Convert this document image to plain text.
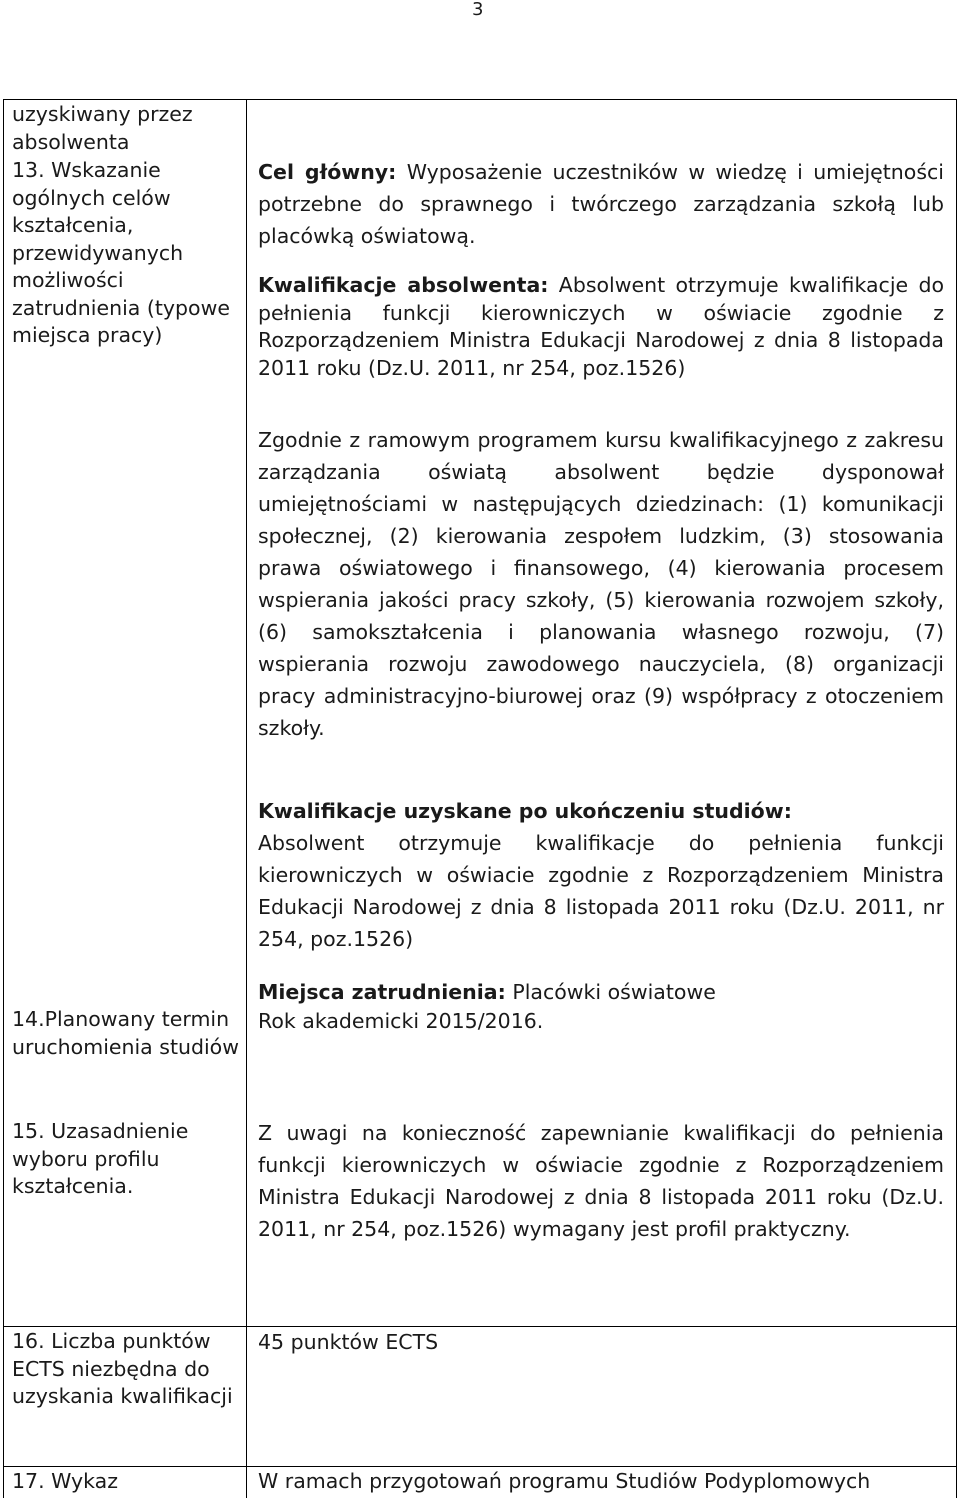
3
uzyskiwany przez absolwenta
13. Wskazanie ogólnych celów kształcenia, przewidywanych możliwości zatrudnienia (typowe miejsca pracy)
14.Planowany termin uruchomienia studiów
15. Uzasadnienie wyboru profilu kształcenia.
16. Liczba punktów ECTS niezbędna do uzyskania kwalifikacji
17. Wykaz

Cel główny: Wyposażenie uczestników w wiedzę i umiejętności potrzebne do sprawnego i twórczego zarządzania szkołą lub placówką oświatową.

Kwalifikacje absolwenta: Absolwent otrzymuje kwalifikacje do pełnienia funkcji kierowniczych w oświacie zgodnie z Rozporządzeniem Ministra Edukacji Narodowej z dnia 8 listopada 2011 roku (Dz.U. 2011, nr 254, poz.1526)

Zgodnie z ramowym programem kursu kwalifikacyjnego z zakresu zarządzania oświatą absolwent będzie dysponował umiejętnościami w następujących dziedzinach: (1) komunikacji społecznej, (2) kierowania zespołem ludzkim, (3) stosowania prawa oświatowego i finansowego, (4) kierowania procesem wspierania jakości pracy szkoły, (5) kierowania rozwojem szkoły, (6) samokształcenia i planowania własnego rozwoju, (7) wspierania rozwoju zawodowego nauczyciela, (8) organizacji pracy administracyjno-biurowej oraz (9) współpracy z otoczeniem szkoły.

Kwalifikacje uzyskane po ukończeniu studiów:
Absolwent otrzymuje kwalifikacje do pełnienia funkcji kierowniczych w oświacie zgodnie z Rozporządzeniem Ministra Edukacji Narodowej z dnia 8 listopada 2011 roku (Dz.U. 2011, nr 254, poz.1526)

Miejsca zatrudnienia: Placówki oświatowe

Rok akademicki 2015/2016.
Z uwagi na konieczność zapewnianie kwalifikacji do pełnienia funkcji kierowniczych w oświacie zgodnie z Rozporządzeniem Ministra Edukacji Narodowej z dnia 8 listopada 2011 roku (Dz.U. 2011, nr 254, poz.1526) wymagany jest profil praktyczny.
45 punktów ECTS
W ramach przygotowań programu Studiów Podyplomowych
